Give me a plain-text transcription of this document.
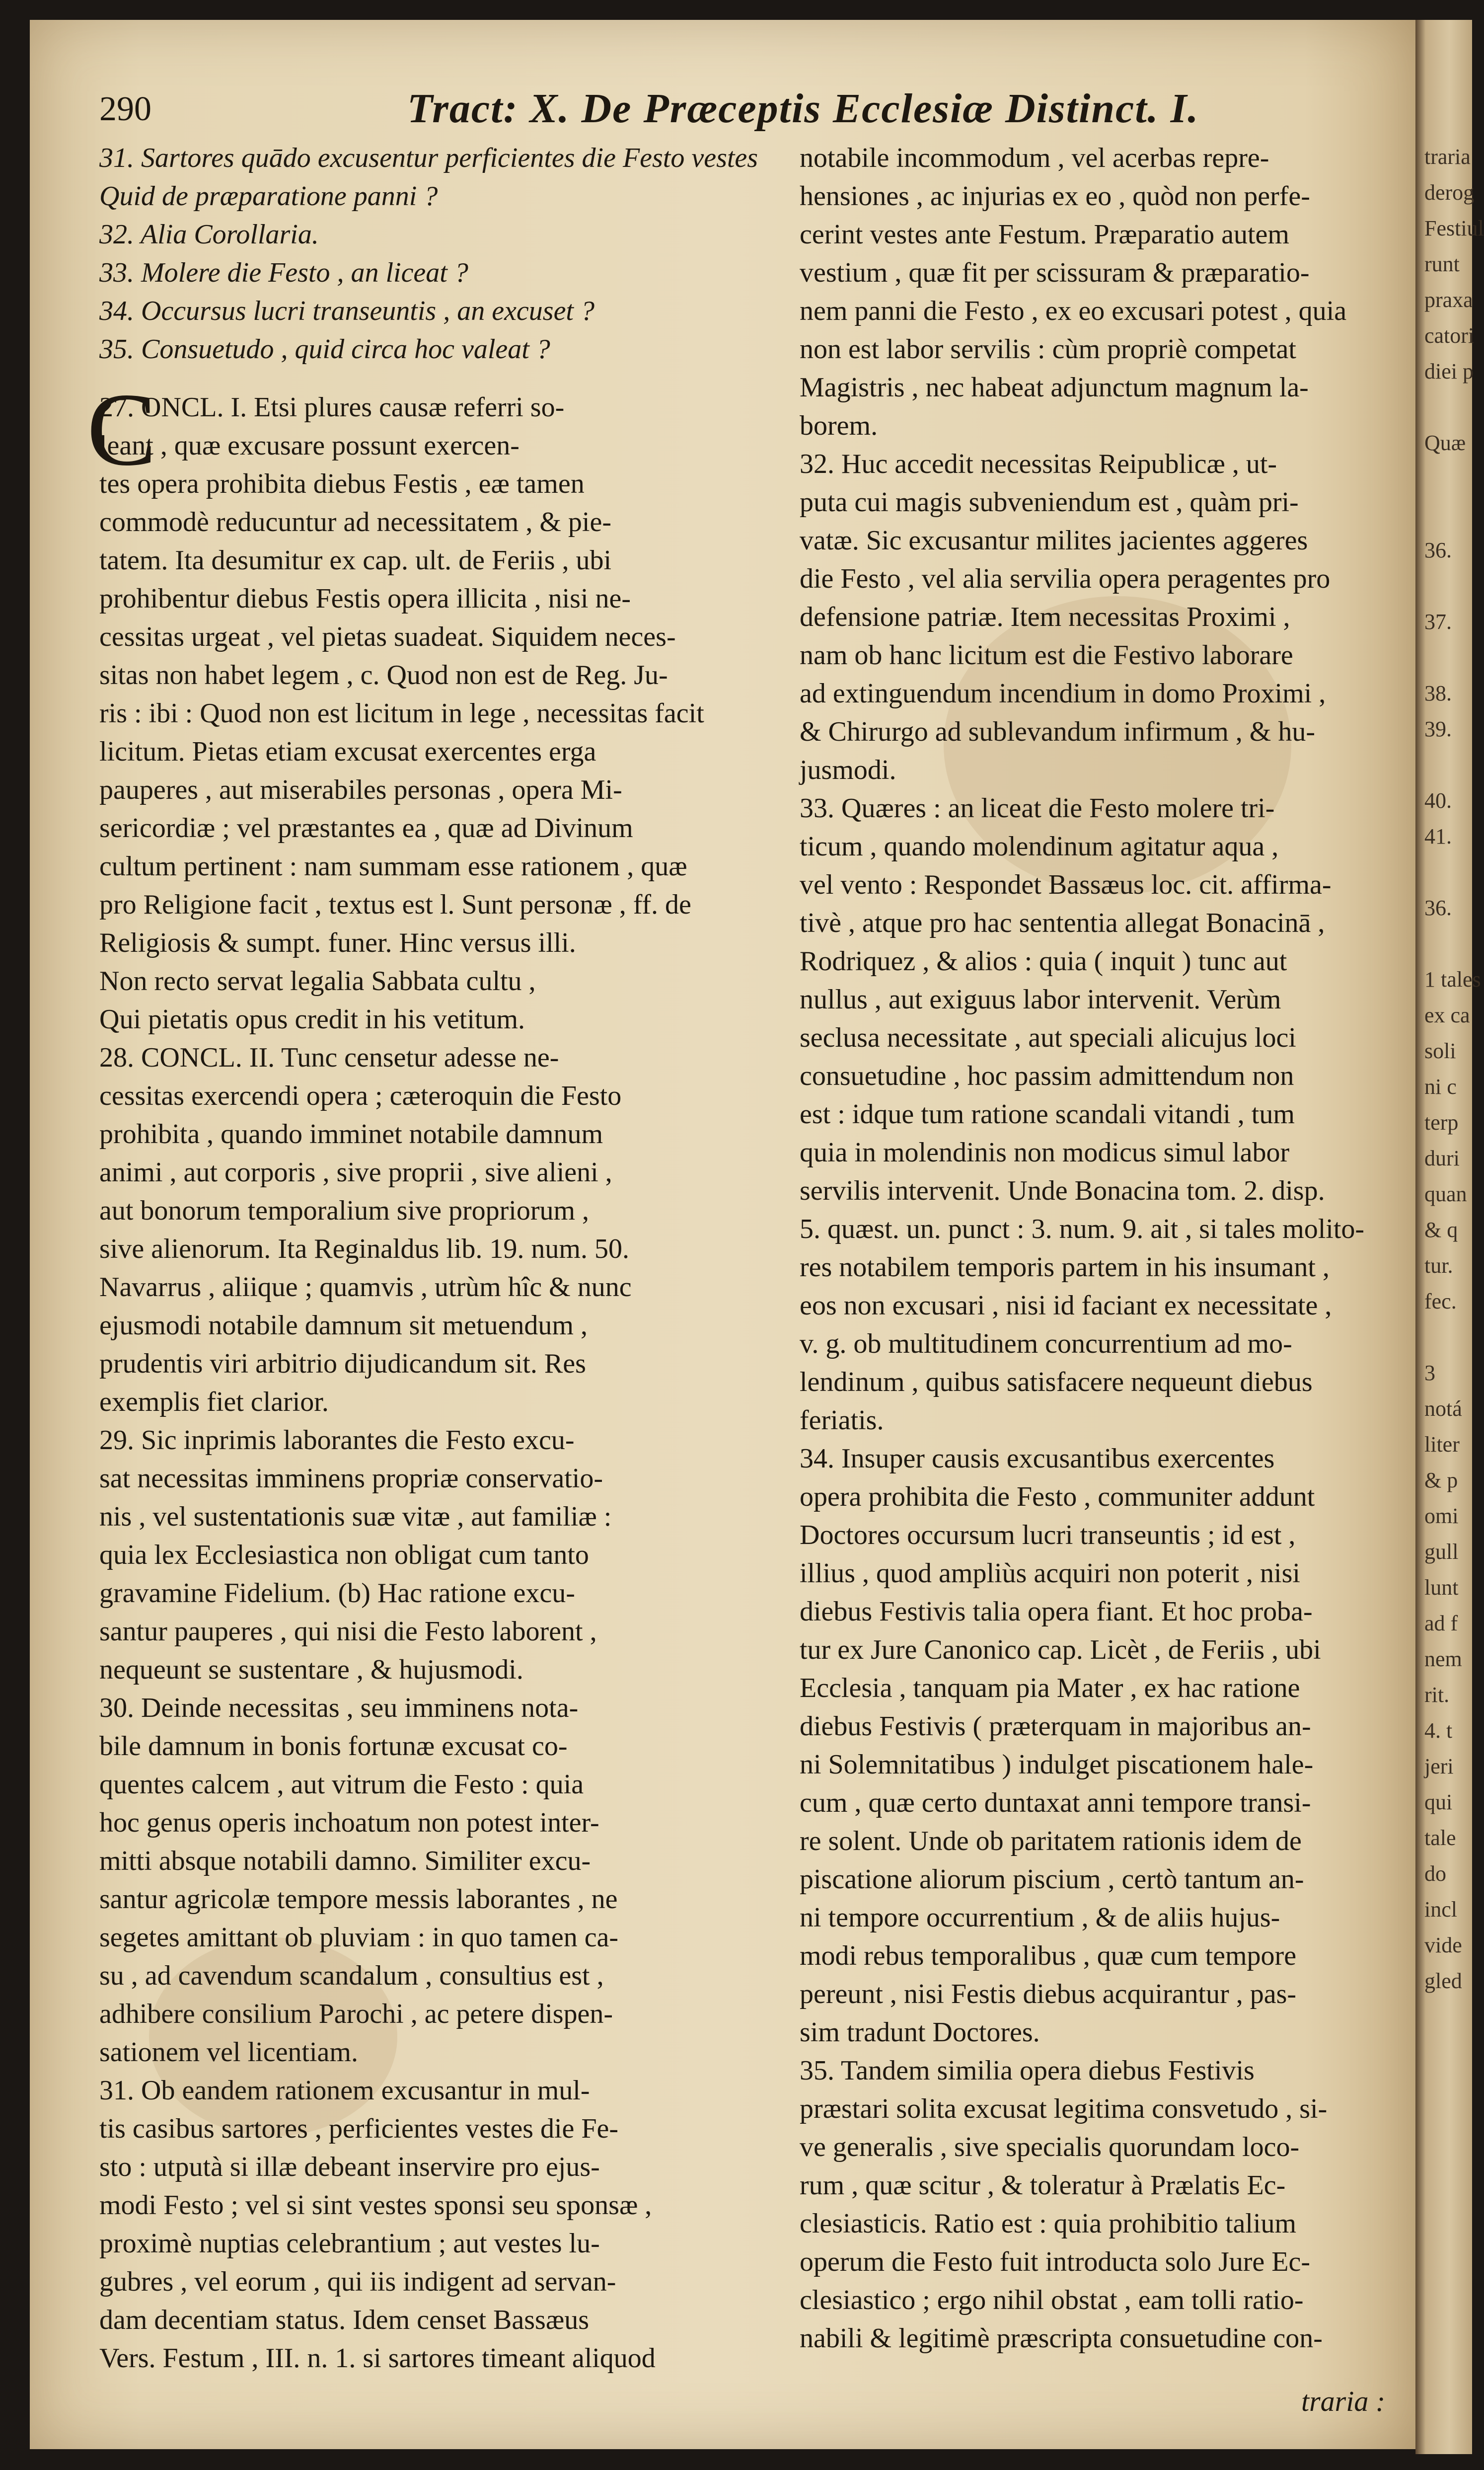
traria
derog
Festiul
runt
praxa
catori
diei p
Quæ
36.
37.
38.
39.
40.
41.
36.
1 tales
ex ca
soli
ni c
terp
duri
quan
& q
tur.
fec.
3
notá
liter
& p
omi
gull
lunt
ad f
nem
rit.
4. t
jeri
qui
tale
do
incl
vide
gled
290	Tract: X. De Præceptis Ecclesiæ Distinct. I.
C
31. Sartores quādo excusentur perficientes die Festo vestes
Quid de præparatione panni ?
32. Alia Corollaria.
33. Molere die Festo , an liceat ?
34. Occursus lucri transeuntis , an excuset ?
35. Consuetudo , quid circa hoc valeat ?
27. ONCL. I. Etsi plures causæ referri so-
leant , quæ excusare possunt exercen-
tes opera prohibita diebus Festis , eæ tamen
commodè reducuntur ad necessitatem , & pie-
tatem. Ita desumitur ex cap. ult. de Feriis , ubi
prohibentur diebus Festis opera illicita , nisi ne-
cessitas urgeat , vel pietas suadeat. Siquidem neces-
sitas non habet legem , c. Quod non est de Reg. Ju-
ris : ibi : Quod non est licitum in lege , necessitas facit
licitum. Pietas etiam excusat exercentes erga
pauperes , aut miserabiles personas , opera Mi-
sericordiæ ; vel præstantes ea , quæ ad Divinum
cultum pertinent : nam summam esse rationem , quæ
pro Religione facit , textus est l. Sunt personæ , ff. de
Religiosis & sumpt. funer. Hinc versus illi.
Non recto servat legalia Sabbata cultu ,
Qui pietatis opus credit in his vetitum.
28. CONCL. II. Tunc censetur adesse ne-
cessitas exercendi opera ; cæteroquin die Festo
prohibita , quando imminet notabile damnum
animi , aut corporis , sive proprii , sive alieni ,
aut bonorum temporalium sive propriorum ,
sive alienorum. Ita Reginaldus lib. 19. num. 50.
Navarrus , aliique ; quamvis , utrùm hîc & nunc
ejusmodi notabile damnum sit metuendum ,
prudentis viri arbitrio dijudicandum sit. Res
exemplis fiet clarior.
29. Sic inprimis laborantes die Festo excu-
sat necessitas imminens propriæ conservatio-
nis , vel sustentationis suæ vitæ , aut familiæ :
quia lex Ecclesiastica non obligat cum tanto
gravamine Fidelium. (b) Hac ratione excu-
santur pauperes , qui nisi die Festo laborent ,
nequeunt se sustentare , & hujusmodi.
30. Deinde necessitas , seu imminens nota-
bile damnum in bonis fortunæ excusat co-
quentes calcem , aut vitrum die Festo : quia
hoc genus operis inchoatum non potest inter-
mitti absque notabili damno. Similiter excu-
santur agricolæ tempore messis laborantes , ne
segetes amittant ob pluviam : in quo tamen ca-
su , ad cavendum scandalum , consultius est ,
adhibere consilium Parochi , ac petere dispen-
sationem vel licentiam.
31. Ob eandem rationem excusantur in mul-
tis casibus sartores , perficientes vestes die Fe-
sto : utputà si illæ debeant inservire pro ejus-
modi Festo ; vel si sint vestes sponsi seu sponsæ ,
proximè nuptias celebrantium ; aut vestes lu-
gubres , vel eorum , qui iis indigent ad servan-
dam decentiam status. Idem censet Bassæus
Vers. Festum , III. n. 1. si sartores timeant aliquod
notabile incommodum , vel acerbas repre-
hensiones , ac injurias ex eo , quòd non perfe-
cerint vestes ante Festum. Præparatio autem
vestium , quæ fit per scissuram & præparatio-
nem panni die Festo , ex eo excusari potest , quia
non est labor servilis : cùm propriè competat
Magistris , nec habeat adjunctum magnum la-
borem.
32. Huc accedit necessitas Reipublicæ , ut-
puta cui magis subveniendum est , quàm pri-
vatæ. Sic excusantur milites jacientes aggeres
die Festo , vel alia servilia opera peragentes pro
defensione patriæ. Item necessitas Proximi ,
nam ob hanc licitum est die Festivo laborare
ad extinguendum incendium in domo Proximi ,
& Chirurgo ad sublevandum infirmum , & hu-
jusmodi.
33. Quæres : an liceat die Festo molere tri-
ticum , quando molendinum agitatur aqua ,
vel vento : Respondet Bassæus loc. cit. affirma-
tivè , atque pro hac sententia allegat Bonacinā ,
Rodriquez , & alios : quia ( inquit ) tunc aut
nullus , aut exiguus labor intervenit. Verùm
seclusa necessitate , aut speciali alicujus loci
consuetudine , hoc passim admittendum non
est : idque tum ratione scandali vitandi , tum
quia in molendinis non modicus simul labor
servilis intervenit. Unde Bonacina tom. 2. disp.
5. quæst. un. punct : 3. num. 9. ait , si tales molito-
res notabilem temporis partem in his insumant ,
eos non excusari , nisi id faciant ex necessitate ,
v. g. ob multitudinem concurrentium ad mo-
lendinum , quibus satisfacere nequeunt diebus
feriatis.
34. Insuper causis excusantibus exercentes
opera prohibita die Festo , communiter addunt
Doctores occursum lucri transeuntis ; id est ,
illius , quod ampliùs acquiri non poterit , nisi
diebus Festivis talia opera fiant. Et hoc proba-
tur ex Jure Canonico cap. Licèt , de Feriis , ubi
Ecclesia , tanquam pia Mater , ex hac ratione
diebus Festivis ( præterquam in majoribus an-
ni Solemnitatibus ) indulget piscationem hale-
cum , quæ certo duntaxat anni tempore transi-
re solent. Unde ob paritatem rationis idem de
piscatione aliorum piscium , certò tantum an-
ni tempore occurrentium , & de aliis hujus-
modi rebus temporalibus , quæ cum tempore
pereunt , nisi Festis diebus acquirantur , pas-
sim tradunt Doctores.
35. Tandem similia opera diebus Festivis
præstari solita excusat legitima consvetudo , si-
ve generalis , sive specialis quorundam loco-
rum , quæ scitur , & toleratur à Prælatis Ec-
clesiasticis. Ratio est : quia prohibitio talium
operum die Festo fuit introducta solo Jure Ec-
clesiastico ; ergo nihil obstat , eam tolli ratio-
nabili & legitimè præscripta consuetudine con-
traria :
